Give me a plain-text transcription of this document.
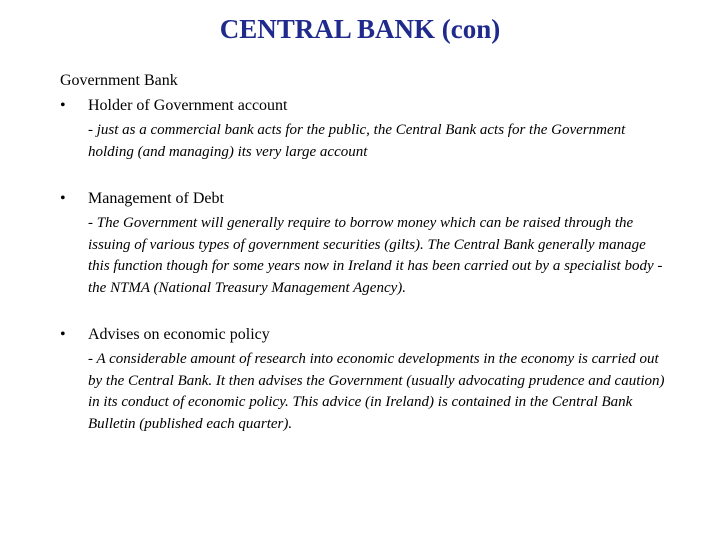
CENTRAL BANK (con)

Government Bank

• Holder of Government account

- just as a commercial bank acts for the public, the Central Bank acts for the Government holding (and managing) its very large account

• Management of Debt

- The Government will generally require to borrow money which can be raised through the issuing of various types of government securities (gilts). The Central Bank generally manage this function though for some years now in Ireland it has been carried out by a specialist body - the NTMA (National Treasury Management Agency).

• Advises on economic policy

- A considerable amount of research into economic developments in the economy is carried out by the Central Bank. It then advises the Government (usually advocating prudence and caution) in its conduct of economic policy. This advice (in Ireland) is contained in the Central Bank Bulletin (published each quarter).
